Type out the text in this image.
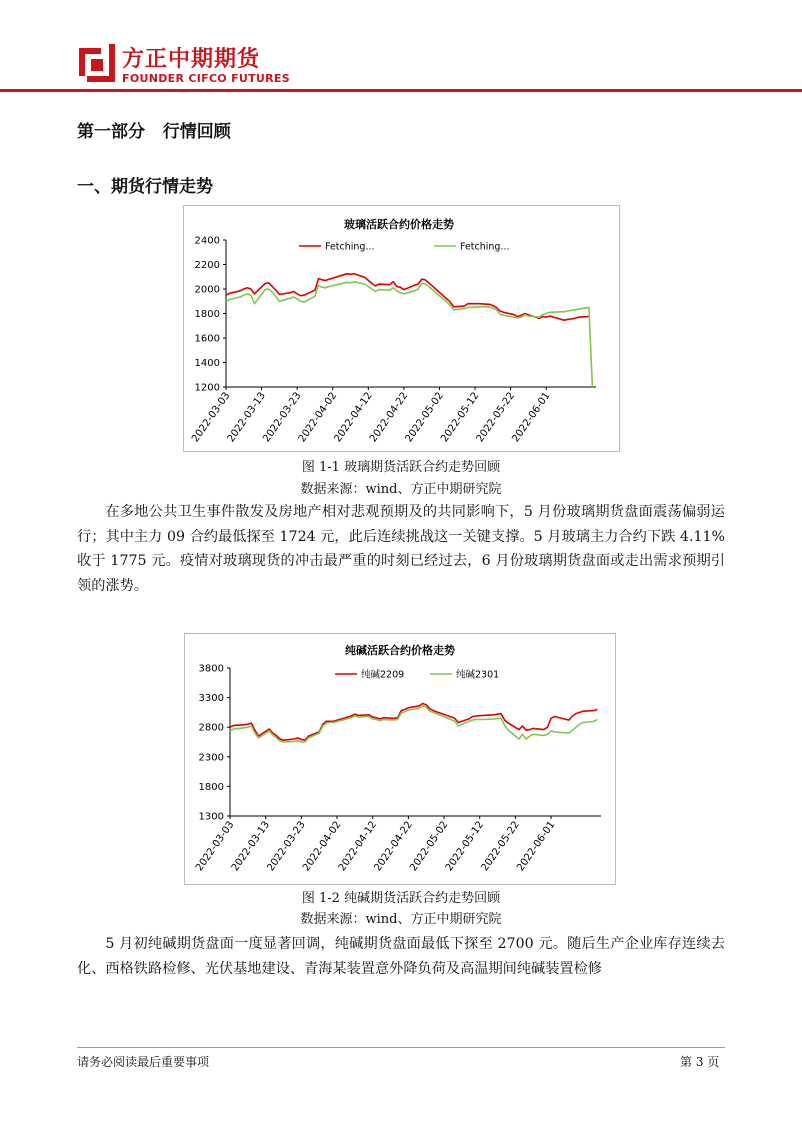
方正中期期货
FOUNDER CIFCO FUTURES
第一部分   行情回顾
一、期货行情走势
玻璃活跃合约价格走势
1200
1400
1600
1800
2000
2200
2400
2022-03-03
2022-03-13
2022-03-23
2022-04-02
2022-04-12
2022-04-22
2022-05-02
2022-05-12
2022-05-22
2022-06-01
Fetching...	Fetching...
图 1-1 玻璃期货活跃合约走势回顾
数据来源：wind、方正中期研究院
在多地公共卫生事件散发及房地产相对悲观预期及的共同影响下，5 月份玻璃期货盘面震荡偏弱运行；其中主力 09 合约最低探至 1724 元，此后连续挑战这一关键支撑。5 月玻璃主力合约下跌 4.11%收于 1775 元。疫情对玻璃现货的冲击最严重的时刻已经过去，6 月份玻璃期货盘面或走出需求预期引领的涨势。
纯碱活跃合约价格走势
1300
1800
2300
2800
3300
3800
2022-03-03
2022-03-13
2022-03-23
2022-04-02
2022-04-12
2022-04-22
2022-05-02
2022-05-12
2022-05-22
2022-06-01
纯碱2209	纯碱2301
图 1-2 纯碱期货活跃合约走势回顾
数据来源：wind、方正中期研究院
5 月初纯碱期货盘面一度显著回调，纯碱期货盘面最低下探至 2700 元。随后生产企业库存连续去化、西格铁路检修、光伏基地建设、青海某装置意外降负荷及高温期间纯碱装置检修
请务必阅读最后重要事项	第 3 页
